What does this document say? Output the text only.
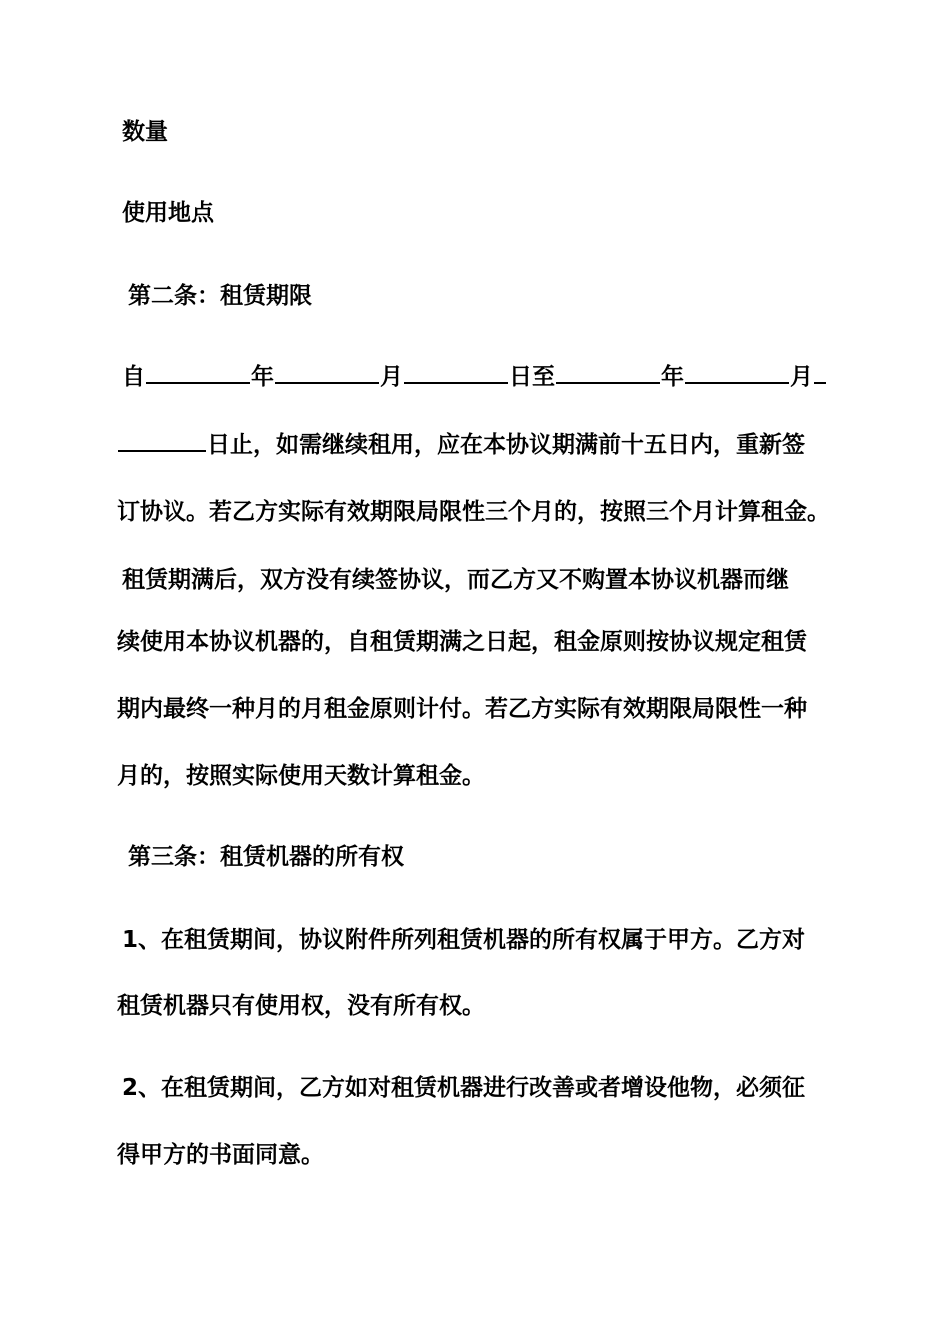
数量
使用地点
第二条：租赁期限
自	年	月	日至	年	月
日止，如需继续租用，应在本协议期满前十五日内，重新签
订协议。若乙方实际有效期限局限性三个月的，按照三个月计算租金。
租赁期满后，双方没有续签协议，而乙方又不购置本协议机器而继
续使用本协议机器的，自租赁期满之日起，租金原则按协议规定租赁
期内最终一种月的月租金原则计付。若乙方实际有效期限局限性一种
月的，按照实际使用天数计算租金。
第三条：租赁机器的所有权
1、在租赁期间，协议附件所列租赁机器的所有权属于甲方。乙方对
租赁机器只有使用权，没有所有权。
2、在租赁期间，乙方如对租赁机器进行改善或者增设他物，必须征
得甲方的书面同意。
